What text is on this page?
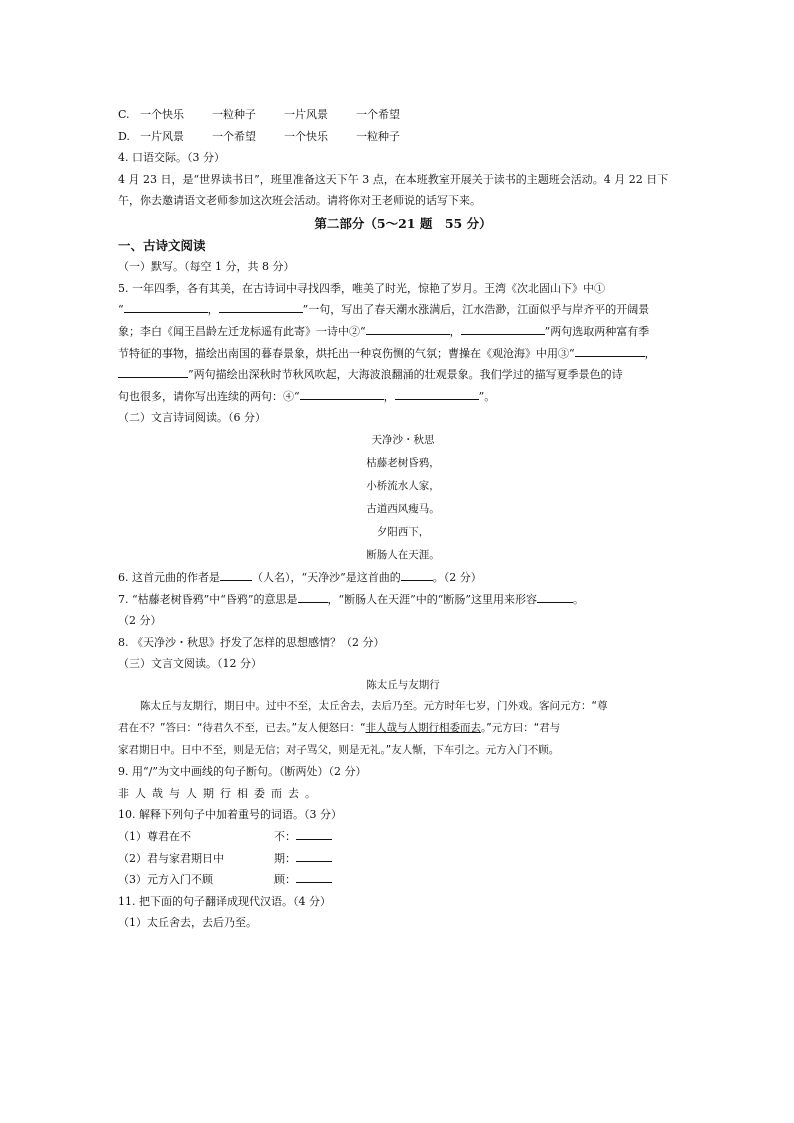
C. 一个快乐	一粒种子	一片风景	一个希望
D. 一片风景	一个希望	一个快乐	一粒种子
4. 口语交际。（3 分）
4 月 23 日，是“世界读书日”，班里准备这天下午 3 点，在本班教室开展关于读书的主题班会活动。4 月 22 日下午，你去邀请语文老师参加这次班会活动。请将你对王老师说的话写下来。
第二部分（5～21 题　55 分）
一、古诗文阅读
（一）默写。（每空 1 分，共 8 分）
5. 一年四季，各有其美，在古诗词中寻找四季，唯美了时光，惊艳了岁月。王湾《次北固山下》中①
“	，	”一句，写出了春天潮水涨满后，江水浩渺，江面似乎与岸齐平的开阔景
象；李白《闻王昌龄左迁龙标遥有此寄》一诗中②“	，	”两句选取两种富有季
节特征的事物，描绘出南国的暮春景象，烘托出一种哀伤恻的气氛；曹操在《观沧海》中用③“	，
”两句描绘出深秋时节秋风吹起，大海波浪翻涌的壮观景象。我们学过的描写夏季景色的诗
句也很多，请你写出连续的两句：④“	，	”。
（二）文言诗词阅读。（6 分）
天净沙・秋思
枯藤老树昏鸦，
小桥流水人家，
古道西风瘦马。
夕阳西下，
断肠人在天涯。
6. 这首元曲的作者是	（人名），“天净沙”是这首曲的	。（2 分）
7. “枯藤老树昏鸦”中“昏鸦”的意思是	，“断肠人在天涯”中的“断肠”这里用来形容	。
（2 分）
8. 《天净沙・秋思》抒发了怎样的思想感情？（2 分）
（三）文言文阅读。（12 分）
陈太丘与友期行
陈太丘与友期行，期日中。过中不至，太丘舍去，去后乃至。元方时年七岁，门外戏。客问元方：“尊
君在不？”答曰：“待君久不至，已去。”友人便怒曰：“非人哉与人期行相委而去。”元方曰：“君与
家君期日中。日中不至，则是无信；对子骂父，则是无礼。”友人惭，下车引之。元方入门不顾。
9. 用“/”为文中画线的句子断句。（断两处）（2 分）
非人哉与人期行相委而去。
10. 解释下列句子中加着重号的词语。（3 分）
（1）尊君在不	不：
（2）君与家君期日中	期：
（3）元方入门不顾	顾：
11. 把下面的句子翻译成现代汉语。（4 分）
（1）太丘舍去，去后乃至。
